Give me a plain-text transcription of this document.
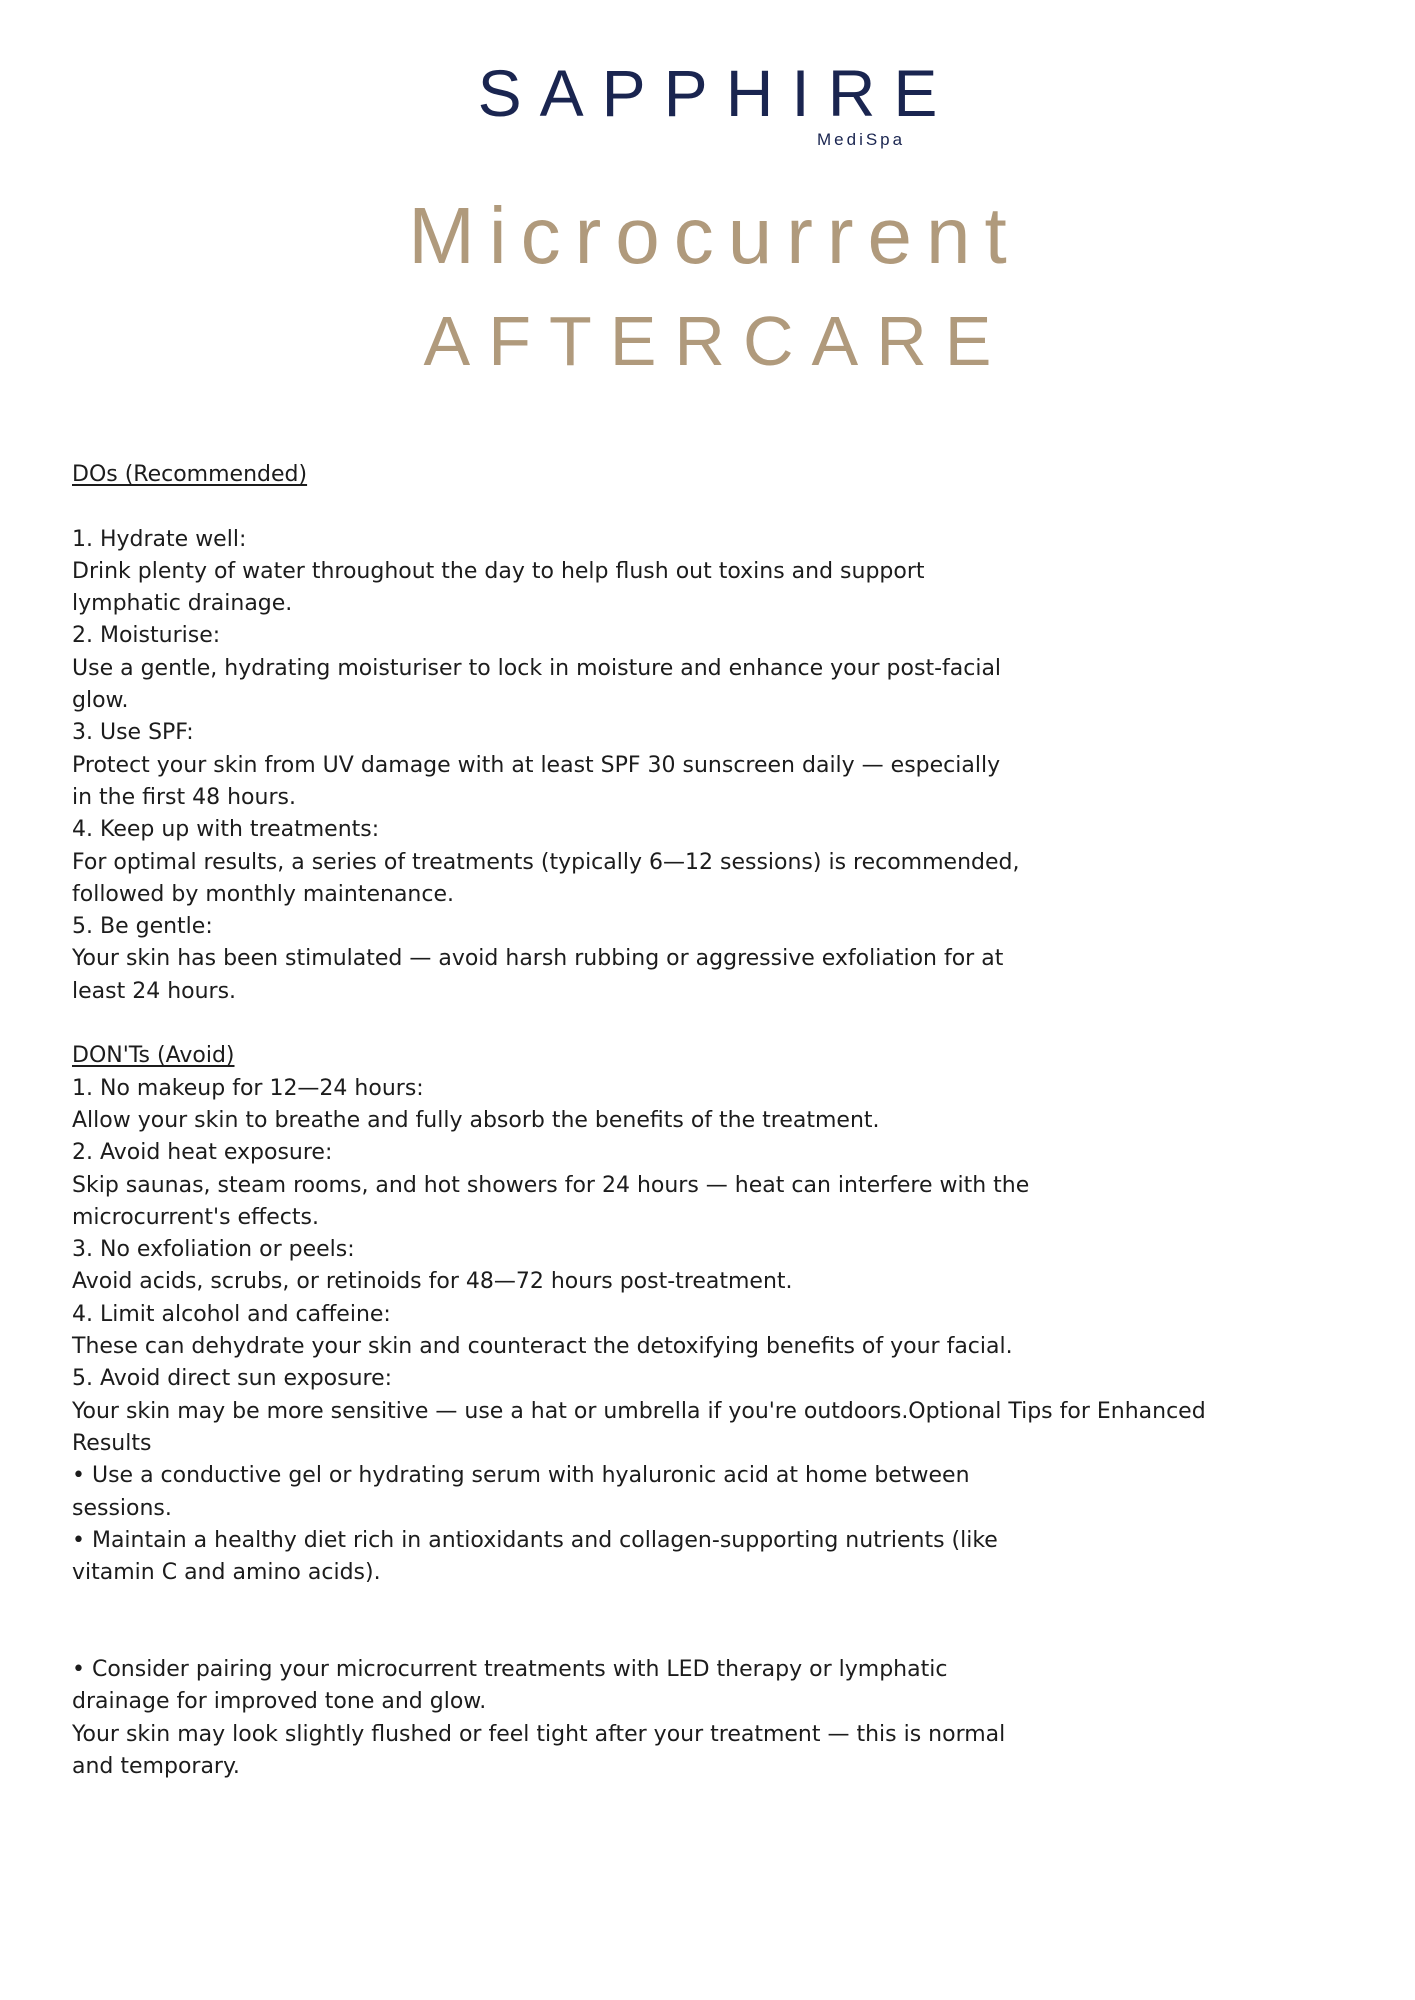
SAPPHIRE
MediSpa
Microcurrent
AFTERCARE
DOs (Recommended)
1. Hydrate well:
Drink plenty of water throughout the day to help flush out toxins and support
lymphatic drainage.
2. Moisturise:
Use a gentle, hydrating moisturiser to lock in moisture and enhance your post-facial
glow.
3. Use SPF:
Protect your skin from UV damage with at least SPF 30 sunscreen daily — especially
in the first 48 hours.
4. Keep up with treatments:
For optimal results, a series of treatments (typically 6—12 sessions) is recommended,
followed by monthly maintenance.
5. Be gentle:
Your skin has been stimulated — avoid harsh rubbing or aggressive exfoliation for at
least 24 hours.
DON'Ts (Avoid)
1. No makeup for 12—24 hours:
Allow your skin to breathe and fully absorb the benefits of the treatment.
2. Avoid heat exposure:
Skip saunas, steam rooms, and hot showers for 24 hours — heat can interfere with the
microcurrent's effects.
3. No exfoliation or peels:
Avoid acids, scrubs, or retinoids for 48—72 hours post-treatment.
4. Limit alcohol and caffeine:
These can dehydrate your skin and counteract the detoxifying benefits of your facial.
5. Avoid direct sun exposure:
Your skin may be more sensitive — use a hat or umbrella if you're outdoors.Optional Tips for Enhanced
Results
• Use a conductive gel or hydrating serum with hyaluronic acid at home between
sessions.
• Maintain a healthy diet rich in antioxidants and collagen-supporting nutrients (like
vitamin C and amino acids).
• Consider pairing your microcurrent treatments with LED therapy or lymphatic
drainage for improved tone and glow.
Your skin may look slightly flushed or feel tight after your treatment — this is normal
and temporary.
